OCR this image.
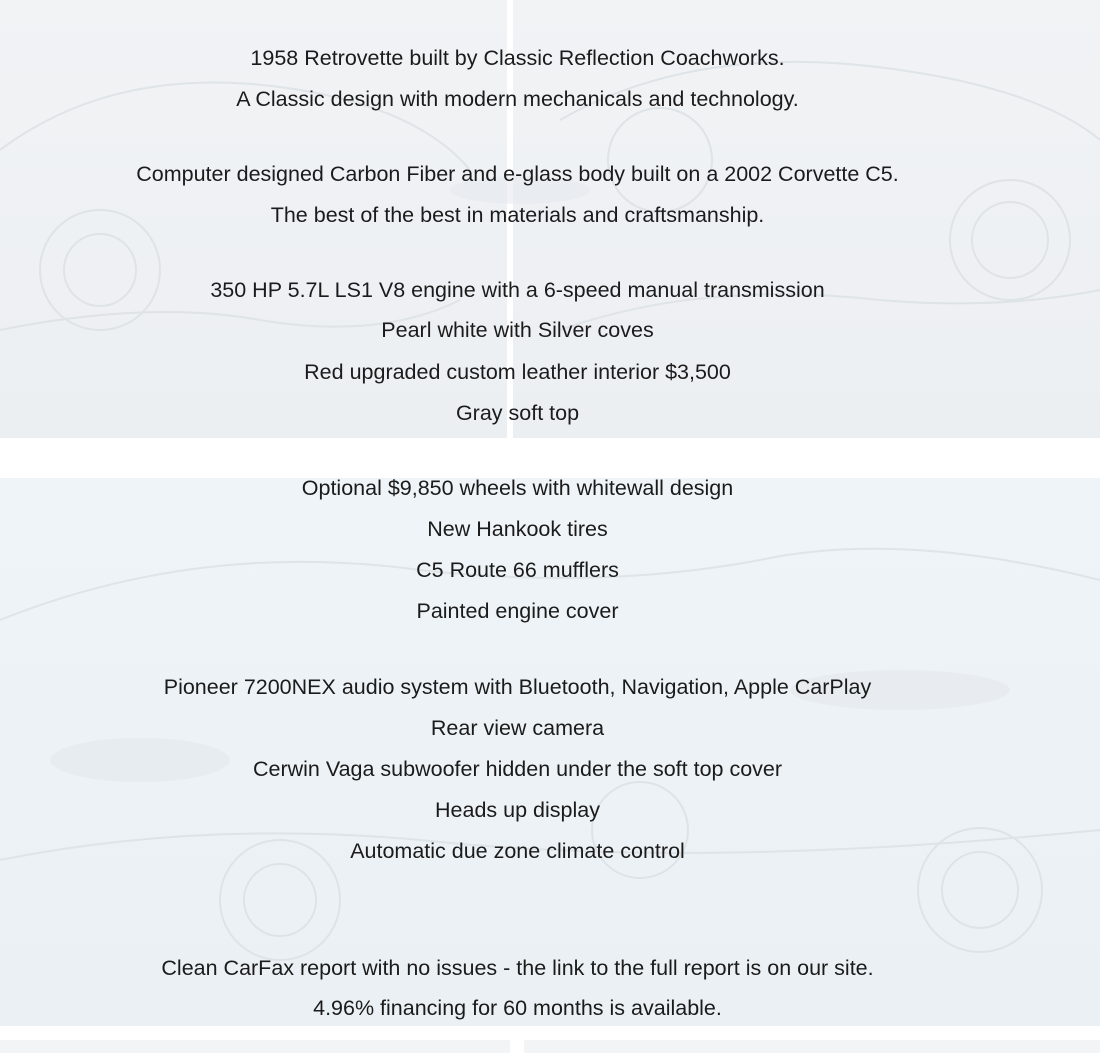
1958 Retrovette built by Classic Reflection Coachworks.
A Classic design with modern mechanicals and technology.
Computer designed Carbon Fiber and e-glass body built on a 2002 Corvette C5.
The best of the best in materials and craftsmanship.
350 HP 5.7L LS1 V8 engine with a 6-speed manual transmission
Pearl white with Silver coves
Red upgraded custom leather interior $3,500
Gray soft top
Optional $9,850 wheels with whitewall design
New Hankook tires
C5 Route 66 mufflers
Painted engine cover
Pioneer 7200NEX audio system with Bluetooth, Navigation, Apple CarPlay
Rear view camera
Cerwin Vaga subwoofer hidden under the soft top cover
Heads up display
Automatic due zone climate control
Clean CarFax report with no issues - the link to the full report is on our site.
4.96% financing for 60 months is available.
